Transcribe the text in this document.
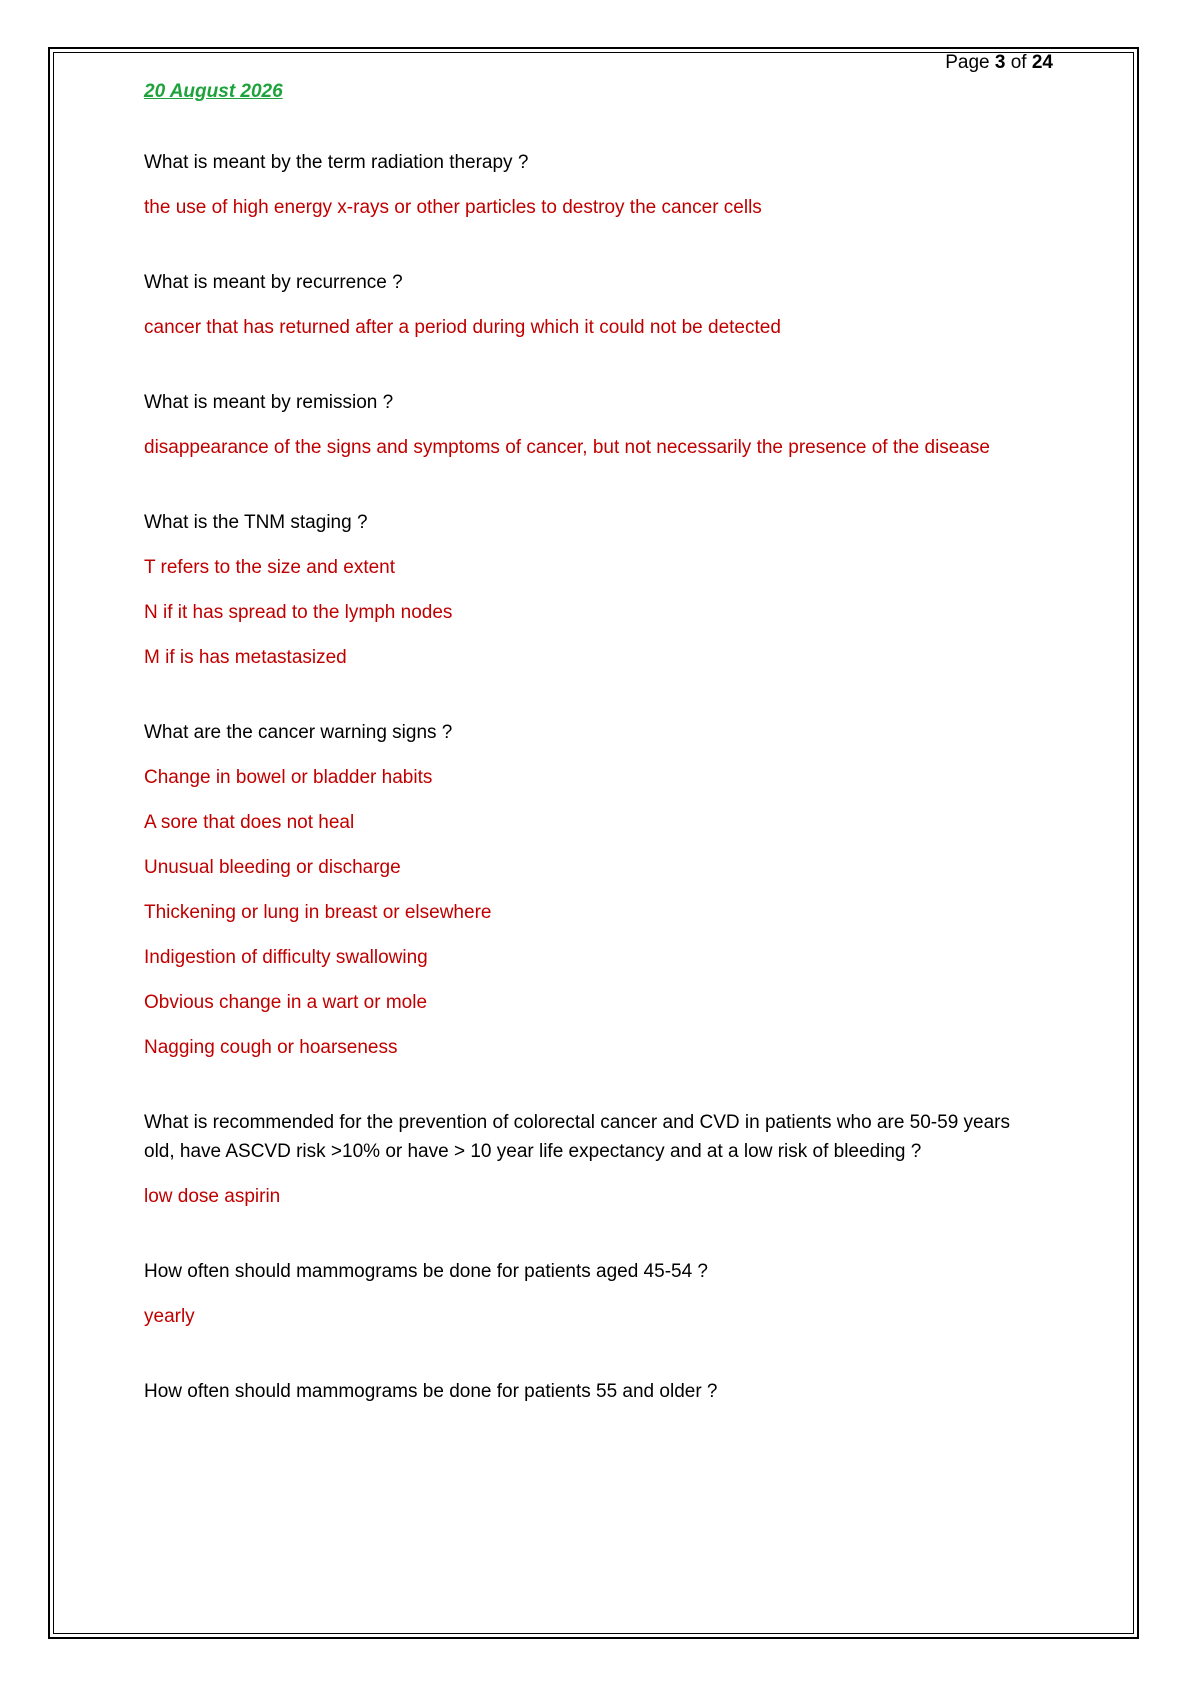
Page 3 of 24
20 August 2026
What is meant by the term radiation therapy ?
the use of high energy x-rays or other particles to destroy the cancer cells
What is meant by recurrence ?
cancer that has returned after a period during which it could not be detected
What is meant by remission ?
disappearance of the signs and symptoms of cancer, but not necessarily the presence of the disease
What is the TNM staging ?
T refers to the size and extent
N if it has spread to the lymph nodes
M if is has metastasized
What are the cancer warning signs ?
Change in bowel or bladder habits
A sore that does not heal
Unusual bleeding or discharge
Thickening or lung in breast or elsewhere
Indigestion of difficulty swallowing
Obvious change in a wart or mole
Nagging cough or hoarseness
What is recommended for the prevention of colorectal cancer and CVD in patients who are 50-59 years old, have ASCVD risk >10% or have > 10 year life expectancy and at a low risk of bleeding ?
low dose aspirin
How often should mammograms be done for patients aged 45-54 ?
yearly
How often should mammograms be done for patients 55 and older ?
